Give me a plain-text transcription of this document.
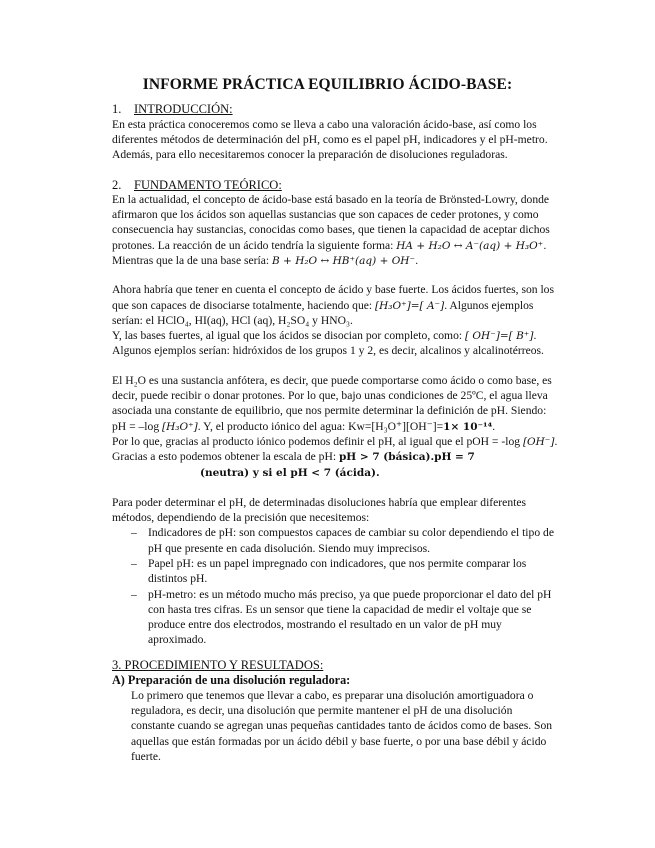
INFORME PRÁCTICA EQUILIBRIO ÁCIDO-BASE:
1. INTRODUCCIÓN:
En esta práctica conoceremos como se lleva a cabo una valoración ácido-base, así como los
diferentes métodos de determinación del pH, como es el papel pH, indicadores y el pH-metro.
Además, para ello necesitaremos conocer la preparación de disoluciones reguladoras.
2. FUNDAMENTO TEÓRICO:
En la actualidad, el concepto de ácido-base está basado en la teoría de Brönsted-Lowry, donde
afirmaron que los ácidos son aquellas sustancias que son capaces de ceder protones, y como
consecuencia hay sustancias, conocidas como bases, que tienen la capacidad de aceptar dichos
protones. La reacción de un ácido tendría la siguiente forma: HA + H₂O ↔ A⁻(aq) + H₃O⁺.
Mientras que la de una base sería: B + H₂O ↔ HB⁺(aq) + OH⁻.
Ahora habría que tener en cuenta el concepto de ácido y base fuerte. Los ácidos fuertes, son los
que son capaces de disociarse totalmente, haciendo que: [H₃O⁺]=[ A⁻]. Algunos ejemplos
serían: el HClO₄, HI(aq), HCl (aq), H₂SO₄ y HNO₃.
Y, las bases fuertes, al igual que los ácidos se disocian por completo, como: [ OH⁻]=[ B⁺].
Algunos ejemplos serían: hidróxidos de los grupos 1 y 2, es decir, alcalinos y alcalinotérreos.
El H₂O es una sustancia anfótera, es decir, que puede comportarse como ácido o como base, es
decir, puede recibir o donar protones. Por lo que, bajo unas condiciones de 25ºC, el agua lleva
asociada una constante de equilibrio, que nos permite determinar la definición de pH. Siendo:
pH = –log [H₃O⁺]. Y, el producto iónico del agua: Kw=[H₃O⁺][OH⁻]=1× 10⁻¹⁴.
Por lo que, gracias al producto iónico podemos definir el pH, al igual que el pOH = -log [OH⁻].
Gracias a esto podemos obtener la escala de pH: pH > 7 (básica).pH = 7
(neutra) y si el pH < 7 (ácida).
Para poder determinar el pH, de determinadas disoluciones habría que emplear diferentes
métodos, dependiendo de la precisión que necesitemos:
– Indicadores de pH: son compuestos capaces de cambiar su color dependiendo el tipo de
pH que presente en cada disolución. Siendo muy imprecisos.
– Papel pH: es un papel impregnado con indicadores, que nos permite comparar los
distintos pH.
– pH-metro: es un método mucho más preciso, ya que puede proporcionar el dato del pH
con hasta tres cifras. Es un sensor que tiene la capacidad de medir el voltaje que se
produce entre dos electrodos, mostrando el resultado en un valor de pH muy
aproximado.
3. PROCEDIMIENTO Y RESULTADOS:
A) Preparación de una disolución reguladora:
Lo primero que tenemos que llevar a cabo, es preparar una disolución amortiguadora o
reguladora, es decir, una disolución que permite mantener el pH de una disolución
constante cuando se agregan unas pequeñas cantidades tanto de ácidos como de bases. Son
aquellas que están formadas por un ácido débil y base fuerte, o por una base débil y ácido
fuerte.
